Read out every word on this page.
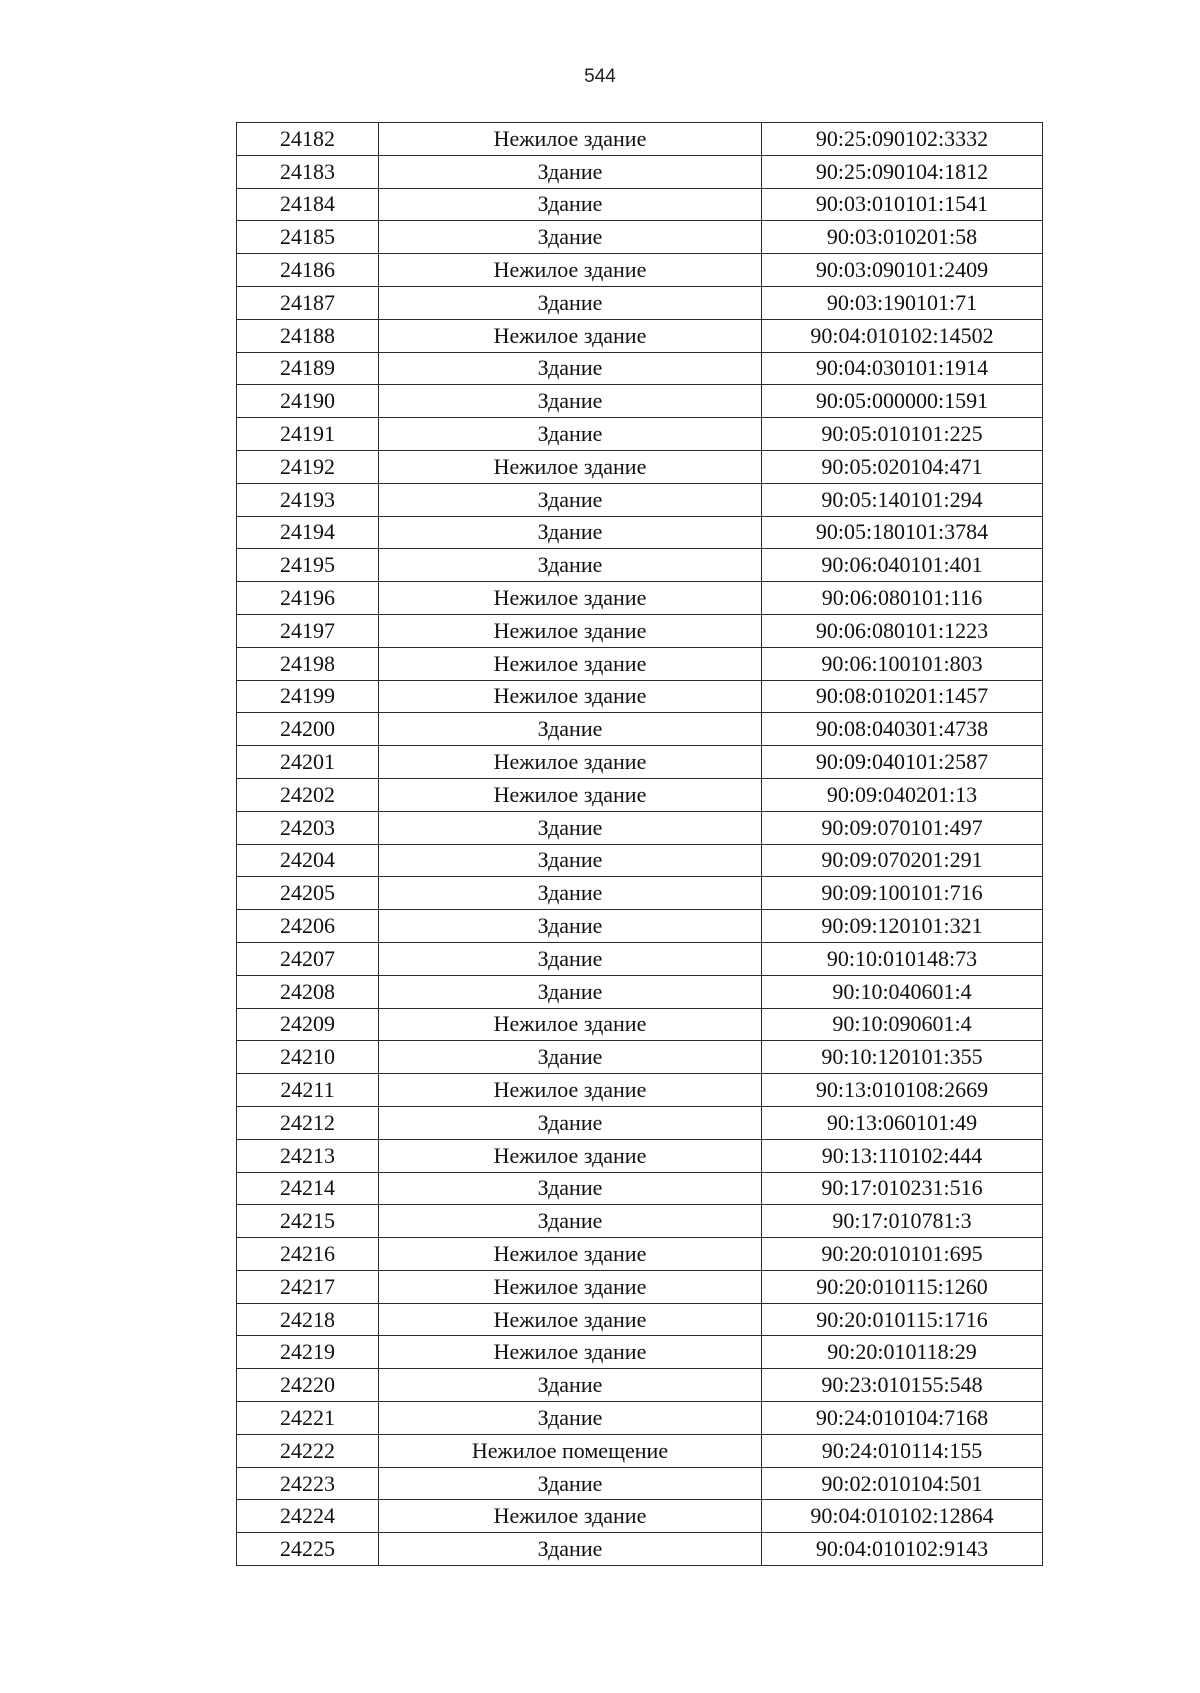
544
24182	Нежилое здание	90:25:090102:3332
24183	Здание	90:25:090104:1812
24184	Здание	90:03:010101:1541
24185	Здание	90:03:010201:58
24186	Нежилое здание	90:03:090101:2409
24187	Здание	90:03:190101:71
24188	Нежилое здание	90:04:010102:14502
24189	Здание	90:04:030101:1914
24190	Здание	90:05:000000:1591
24191	Здание	90:05:010101:225
24192	Нежилое здание	90:05:020104:471
24193	Здание	90:05:140101:294
24194	Здание	90:05:180101:3784
24195	Здание	90:06:040101:401
24196	Нежилое здание	90:06:080101:116
24197	Нежилое здание	90:06:080101:1223
24198	Нежилое здание	90:06:100101:803
24199	Нежилое здание	90:08:010201:1457
24200	Здание	90:08:040301:4738
24201	Нежилое здание	90:09:040101:2587
24202	Нежилое здание	90:09:040201:13
24203	Здание	90:09:070101:497
24204	Здание	90:09:070201:291
24205	Здание	90:09:100101:716
24206	Здание	90:09:120101:321
24207	Здание	90:10:010148:73
24208	Здание	90:10:040601:4
24209	Нежилое здание	90:10:090601:4
24210	Здание	90:10:120101:355
24211	Нежилое здание	90:13:010108:2669
24212	Здание	90:13:060101:49
24213	Нежилое здание	90:13:110102:444
24214	Здание	90:17:010231:516
24215	Здание	90:17:010781:3
24216	Нежилое здание	90:20:010101:695
24217	Нежилое здание	90:20:010115:1260
24218	Нежилое здание	90:20:010115:1716
24219	Нежилое здание	90:20:010118:29
24220	Здание	90:23:010155:548
24221	Здание	90:24:010104:7168
24222	Нежилое помещение	90:24:010114:155
24223	Здание	90:02:010104:501
24224	Нежилое здание	90:04:010102:12864
24225	Здание	90:04:010102:9143
